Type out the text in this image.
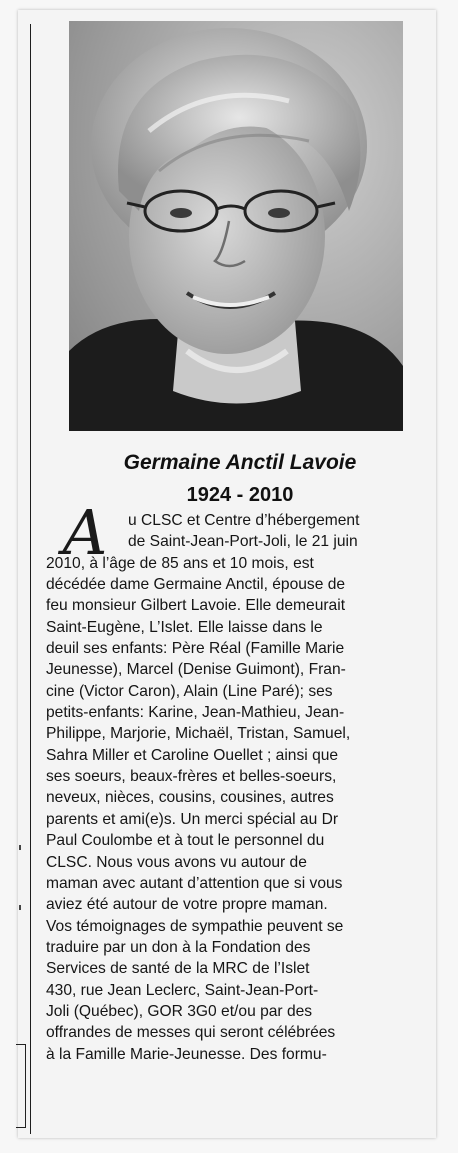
Germaine Anctil Lavoie
1924 - 2010
A	u CLSC et Centre d’hébergement
de Saint-Jean-Port-Joli, le 21 juin
2010, à l’âge de 85 ans et 10 mois, est
décédée dame Germaine Anctil, épouse de
feu monsieur Gilbert Lavoie. Elle demeurait
Saint-Eugène, L’Islet. Elle laisse dans le
deuil ses enfants: Père Réal (Famille Marie
Jeunesse), Marcel (Denise Guimont), Fran-
cine (Victor Caron), Alain (Line Paré); ses
petits-enfants: Karine, Jean-Mathieu, Jean-
Philippe, Marjorie, Michaël, Tristan, Samuel,
Sahra Miller et Caroline Ouellet ; ainsi que
ses soeurs, beaux-frères et belles-soeurs,
neveux, nièces, cousins, cousines, autres
parents et ami(e)s. Un merci spécial au Dr
Paul Coulombe et à tout le personnel du
CLSC. Nous vous avons vu autour de
maman avec autant d’attention que si vous
aviez été autour de votre propre maman.
Vos témoignages de sympathie peuvent se
traduire par un don à la Fondation des
Services de santé de la MRC de l’Islet
430, rue Jean Leclerc, Saint-Jean-Port-
Joli (Québec), GOR 3G0 et/ou par des
offrandes de messes qui seront célébrées
à la Famille Marie-Jeunesse. Des formu-
